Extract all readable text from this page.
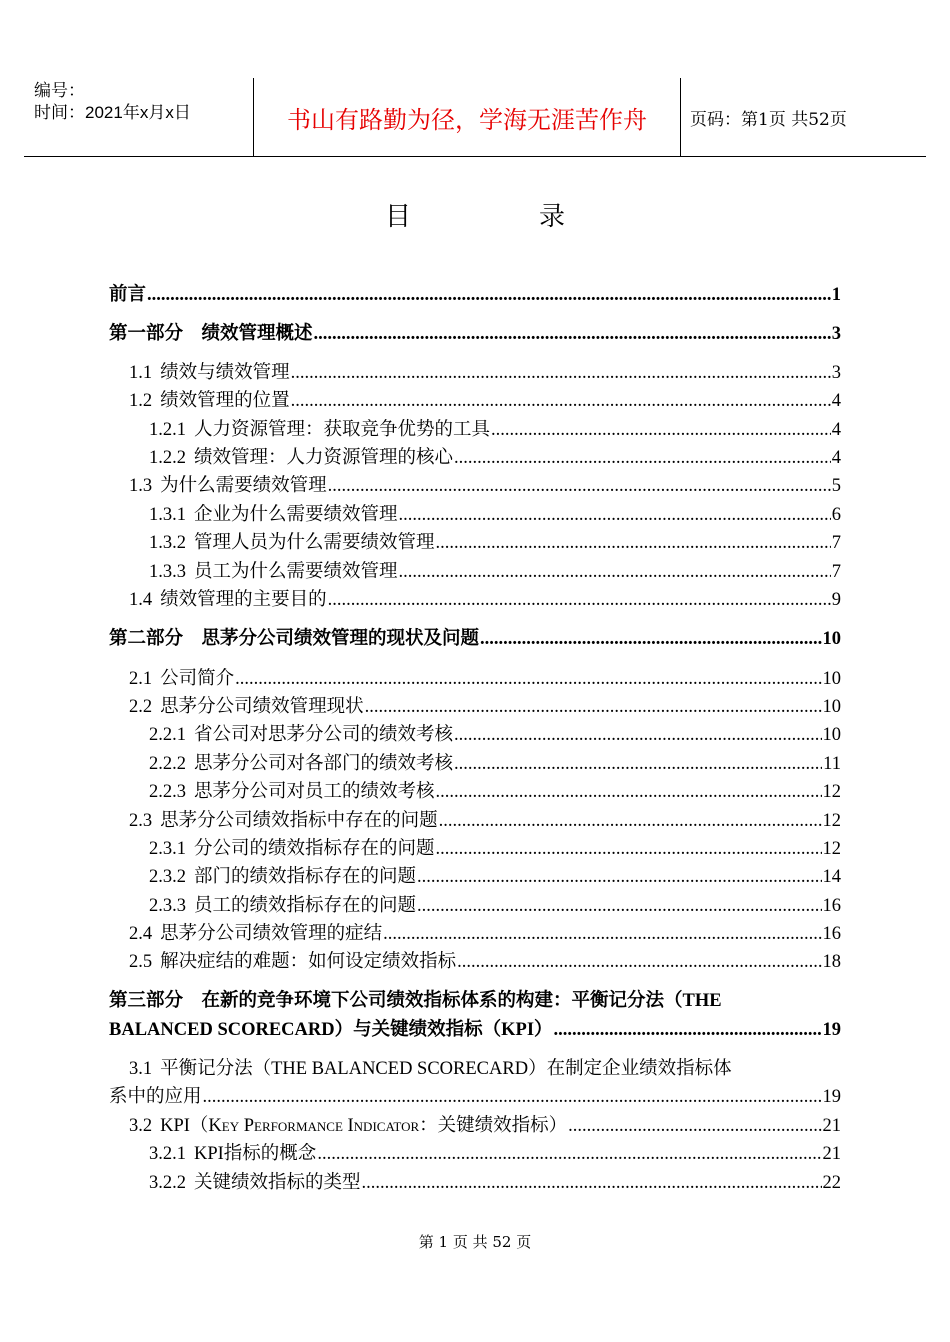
编号：
时间：2021年x月x日	书山有路勤为径，学海无涯苦作舟	页码：第1页 共52页
目	录
前言 .....	1
第一部分　绩效管理概述 .....	3
1.1 绩效与绩效管理 .....	3
1.2 绩效管理的位置 .....	4
1.2.1 人力资源管理：获取竞争优势的工具 .....	4
1.2.2 绩效管理：人力资源管理的核心 .....	4
1.3 为什么需要绩效管理 .....	5
1.3.1 企业为什么需要绩效管理 .....	6
1.3.2 管理人员为什么需要绩效管理 .....	7
1.3.3 员工为什么需要绩效管理 .....	7
1.4 绩效管理的主要目的 .....	9
第二部分　思茅分公司绩效管理的现状及问题 .....	10
2.1 公司简介 .....	10
2.2 思茅分公司绩效管理现状 .....	10
2.2.1 省公司对思茅分公司的绩效考核 .....	10
2.2.2 思茅分公司对各部门的绩效考核 .....	11
2.2.3 思茅分公司对员工的绩效考核 .....	12
2.3 思茅分公司绩效指标中存在的问题 .....	12
2.3.1 分公司的绩效指标存在的问题 .....	12
2.3.2 部门的绩效指标存在的问题 .....	14
2.3.3 员工的绩效指标存在的问题 .....	16
2.4 思茅分公司绩效管理的症结 .....	16
2.5 解决症结的难题：如何设定绩效指标 .....	18
第三部分　在新的竞争环境下公司绩效指标体系的构建：平衡记分法（THE
BALANCED SCORECARD）与关键绩效指标（KPI） .....	19
3.1 平衡记分法（THE BALANCED SCORECARD）在制定企业绩效指标体
系中的应用 .....	19
3.2 KPI（Key Performance Indicator：关键绩效指标） .....	21
3.2.1 KPI指标的概念 .....	21
3.2.2 关键绩效指标的类型 .....	22
第 1 页 共 52 页
